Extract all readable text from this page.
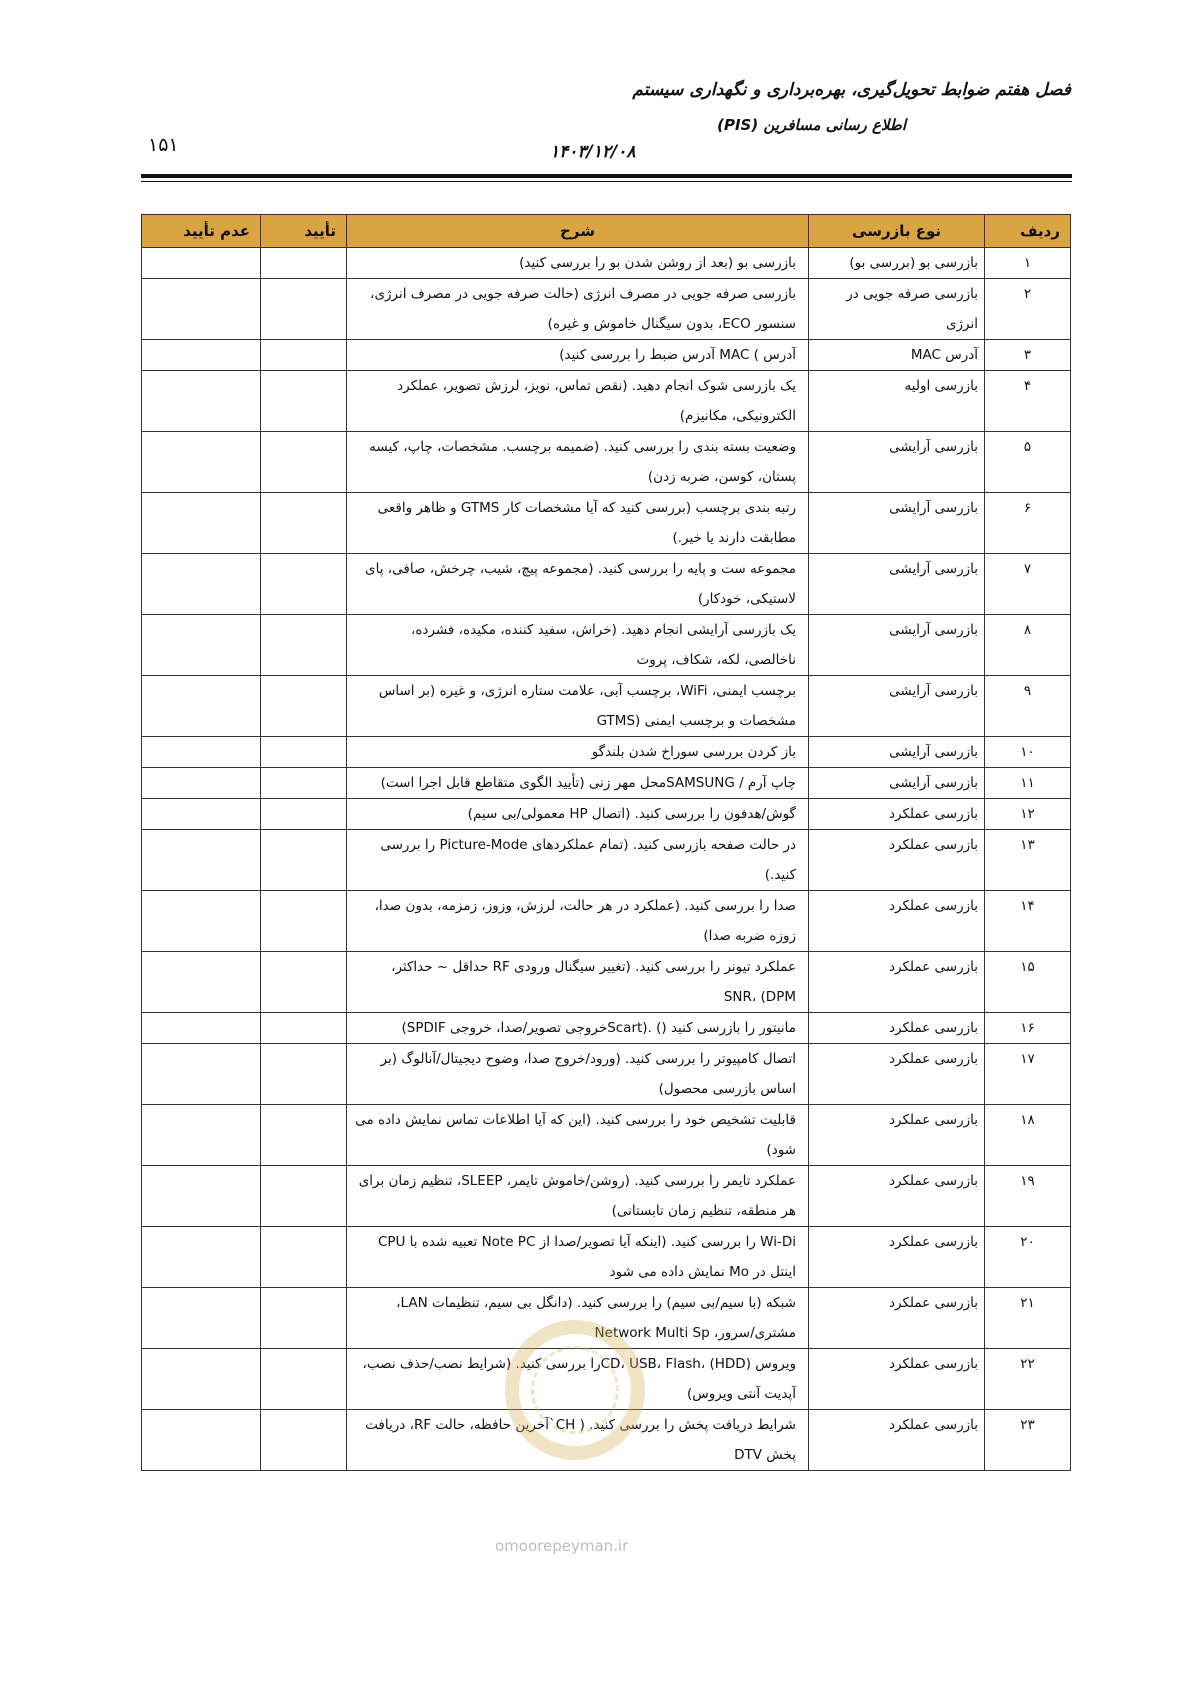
فصل هفتم ضوابط تحویل‌گیری، بهره‌برداری و نگهداری سیستم
اطلاع رسانی مسافرین (PIS)
۱۵۱	۱۴۰۳/۱۲/۰۸
ردیف	نوع بازرسی	شرح	تأیید	عدم تأیید
۱	بازرسی بو (بررسی بو)	بازرسی بو (بعد از روشن شدن بو را بررسی کنید)		
۲	بازرسی صرفه جویی در انرژی	بازرسی صرفه جویی در مصرف انرژی (حالت صرفه جویی در مصرف انرژی، سنسور ECO، بدون سیگنال خاموش و غیره)		
۳	آدرس MAC	آدرس ) MAC آدرس ضبط را بررسی کنید)		
۴	بازرسی اولیه	یک بازرسی شوک انجام دهید. (نقص تماس، نویز، لرزش تصویر، عملکرد الکترونیکی، مکانیزم)		
۵	بازرسی آرایشی	وضعیت بسته بندی را بررسی کنید. (ضمیمه برچسب. مشخصات، چاپ، کیسه پستان، کوسن، ضربه زدن)		
۶	بازرسی آرایشی	رتبه بندی برچسب (بررسی کنید که آیا مشخصات کار GTMS و ظاهر واقعی مطابقت دارند یا خیر.)		
۷	بازرسی آرایشی	مجموعه ست و پایه را بررسی کنید. (مجموعه پیچ، شیب، چرخش، صافی، پای لاستیکی، خودکار)		
۸	بازرسی آرایشی	یک بازرسی آرایشی انجام دهید. (خراش، سفید کننده، مکیده، فشرده، ناخالصی، لکه، شکاف، پروت		
۹	بازرسی آرایشی	برچسب ایمنی، WiFi، برچسب آبی، علامت ستاره انرژی، و غیره (بر اساس مشخصات و برچسب ایمنی (GTMS		
۱۰	بازرسی آرایشی	باز کردن بررسی سوراخ شدن بلندگو		
۱۱	بازرسی آرایشی	چاپ آرم / SAMSUNGمحل مهر زنی (تأیید الگوی متقاطع قابل اجرا است)		
۱۲	بازرسی عملکرد	گوش/هدفون را بررسی کنید. (اتصال HP معمولی/بی سیم)		
۱۳	بازرسی عملکرد	در حالت صفحه بازرسی کنید. (تمام عملکردهای Picture-Mode را بررسی کنید.)		
۱۴	بازرسی عملکرد	صدا را بررسی کنید. (عملکرد در هر حالت، لرزش، وزوز، زمزمه، بدون صدا، زوزه ضربه صدا)		
۱۵	بازرسی عملکرد	عملکرد تیونر را بررسی کنید. (تغییر سیگنال ورودی RF حداقل ~ حداکثر، SNR، (DPM		
۱۶	بازرسی عملکرد	مانیتور را بازرسی کنید () .(Scartخروجی تصویر/صدا، خروجی SPDIF)		
۱۷	بازرسی عملکرد	اتصال کامپیوتر را بررسی کنید. (ورود/خروج صدا، وضوح دیجیتال/آنالوگ (بر اساس بازرسی محصول)		
۱۸	بازرسی عملکرد	قابلیت تشخیص خود را بررسی کنید. (این که آیا اطلاعات تماس نمایش داده می شود)		
۱۹	بازرسی عملکرد	عملکرد تایمر را بررسی کنید. (روشن/خاموش تایمر، SLEEP، تنظیم زمان برای هر منطقه، تنظیم زمان تابستانی)		
۲۰	بازرسی عملکرد	Wi-Di را بررسی کنید. (اینکه آیا تصویر/صدا از Note PC تعبیه شده با CPU اینتل در Mo نمایش داده می شود		
۲۱	بازرسی عملکرد	شبکه (با سیم/بی سیم) را بررسی کنید. (دانگل بی سیم، تنظیمات LAN، مشتری/سرور، Network Multi Sp		
۲۲	بازرسی عملکرد	ویروس (CD، USB، Flash، (HDDرا بررسی کنید. (شرایط نصب/حذف نصب، آپدیت آنتی ویروس)		
۲۳	بازرسی عملکرد	شرایط دریافت پخش را بررسی کنید. ( CH`آخرین حافظه، حالت RF، دریافت پخش DTV		
omoorepeyman.ir
